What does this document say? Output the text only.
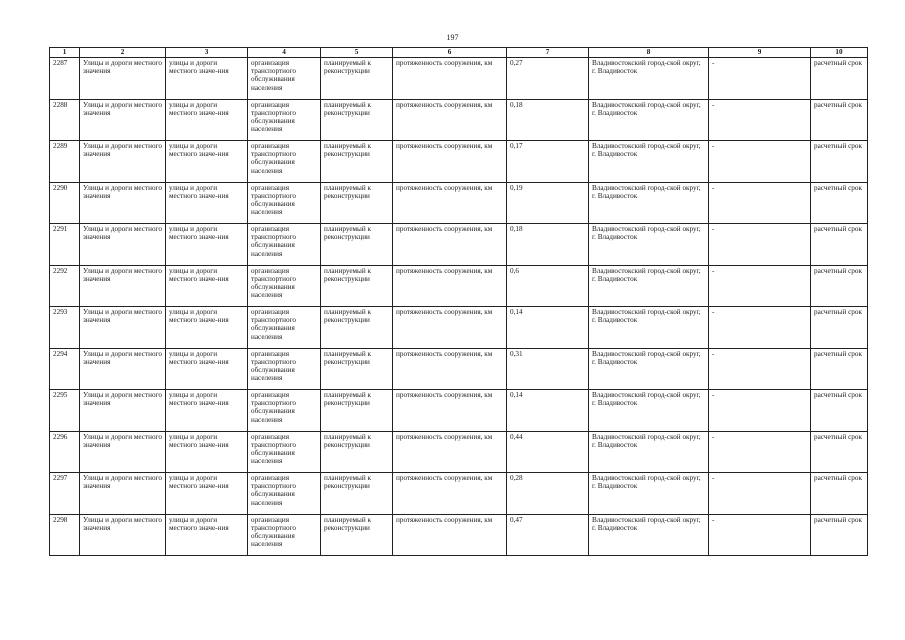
197
1	2	3	4	5	6	7	8	9	10
2287	Улицы и дороги местного значения	улицы и дороги местного значе-ния	организация транспортного обслуживания населения	планируемый к реконструкции	протяженность сооружения, км	0,27	Владивостокский город-ской округ, г. Владивосток	-	расчетный срок
2288	Улицы и дороги местного значения	улицы и дороги местного значе-ния	организация транспортного обслуживания населения	планируемый к реконструкции	протяженность сооружения, км	0,18	Владивостокский город-ской округ, г. Владивосток	-	расчетный срок
2289	Улицы и дороги местного значения	улицы и дороги местного значе-ния	организация транспортного обслуживания населения	планируемый к реконструкции	протяженность сооружения, км	0,17	Владивостокский город-ской округ, г. Владивосток	-	расчетный срок
2290	Улицы и дороги местного значения	улицы и дороги местного значе-ния	организация транспортного обслуживания населения	планируемый к реконструкции	протяженность сооружения, км	0,19	Владивостокский город-ской округ, г. Владивосток	-	расчетный срок
2291	Улицы и дороги местного значения	улицы и дороги местного значе-ния	организация транспортного обслуживания населения	планируемый к реконструкции	протяженность сооружения, км	0,18	Владивостокский город-ской округ, г. Владивосток	-	расчетный срок
2292	Улицы и дороги местного значения	улицы и дороги местного значе-ния	организация транспортного обслуживания населения	планируемый к реконструкции	протяженность сооружения, км	0,6	Владивостокский город-ской округ, г. Владивосток	-	расчетный срок
2293	Улицы и дороги местного значения	улицы и дороги местного значе-ния	организация транспортного обслуживания населения	планируемый к реконструкции	протяженность сооружения, км	0,14	Владивостокский город-ской округ, г. Владивосток	-	расчетный срок
2294	Улицы и дороги местного значения	улицы и дороги местного значе-ния	организация транспортного обслуживания населения	планируемый к реконструкции	протяженность сооружения, км	0,31	Владивостокский город-ской округ, г. Владивосток	-	расчетный срок
2295	Улицы и дороги местного значения	улицы и дороги местного значе-ния	организация транспортного обслуживания населения	планируемый к реконструкции	протяженность сооружения, км	0,14	Владивостокский город-ской округ, г. Владивосток	-	расчетный срок
2296	Улицы и дороги местного значения	улицы и дороги местного значе-ния	организация транспортного обслуживания населения	планируемый к реконструкции	протяженность сооружения, км	0,44	Владивостокский город-ской округ, г. Владивосток	-	расчетный срок
2297	Улицы и дороги местного значения	улицы и дороги местного значе-ния	организация транспортного обслуживания населения	планируемый к реконструкции	протяженность сооружения, км	0,28	Владивостокский город-ской округ, г. Владивосток	-	расчетный срок
2298	Улицы и дороги местного значения	улицы и дороги местного значе-ния	организация транспортного обслуживания населения	планируемый к реконструкции	протяженность сооружения, км	0,47	Владивостокский город-ской округ, г. Владивосток	-	расчетный срок
